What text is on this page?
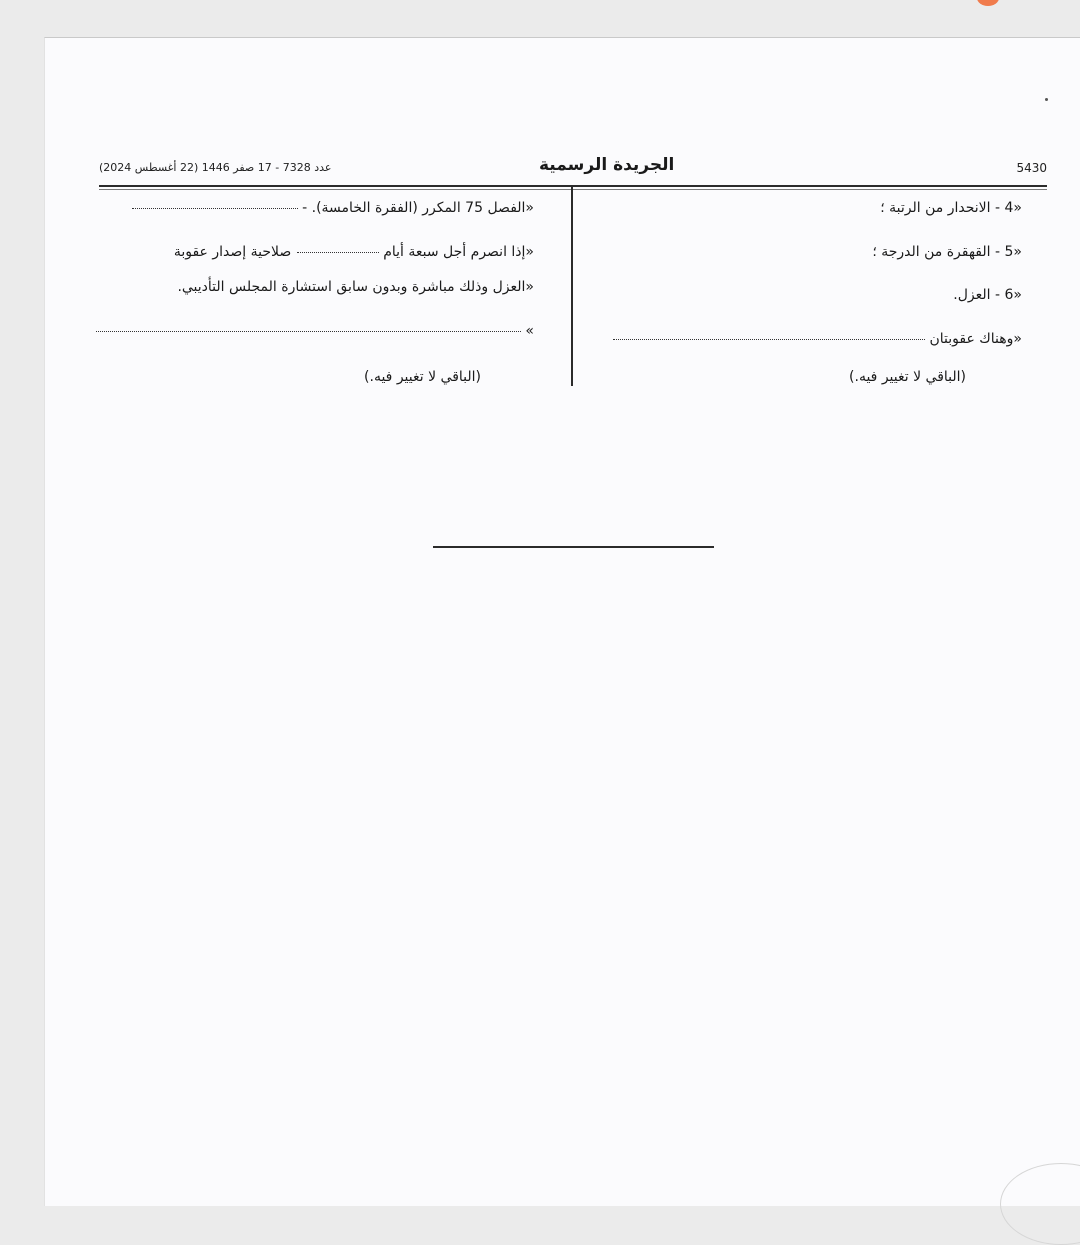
5430
الجريدة الرسمية
عدد 7328 - 17 صفر 1446 (22 أغسطس 2024)
«4 - الانحدار من الرتبة ؛
«5 - القهقرة من الدرجة ؛
«6 - العزل.
«وهناك عقوبتان
(الباقي لا تغيير فيه.)
«الفصل 75 المكرر (الفقرة الخامسة). -
«إذا انصرم أجل سبعة أيامصلاحية إصدار عقوبة
«العزل وذلك مباشرة وبدون سابق استشارة المجلس التأديبي.
»
(الباقي لا تغيير فيه.)
